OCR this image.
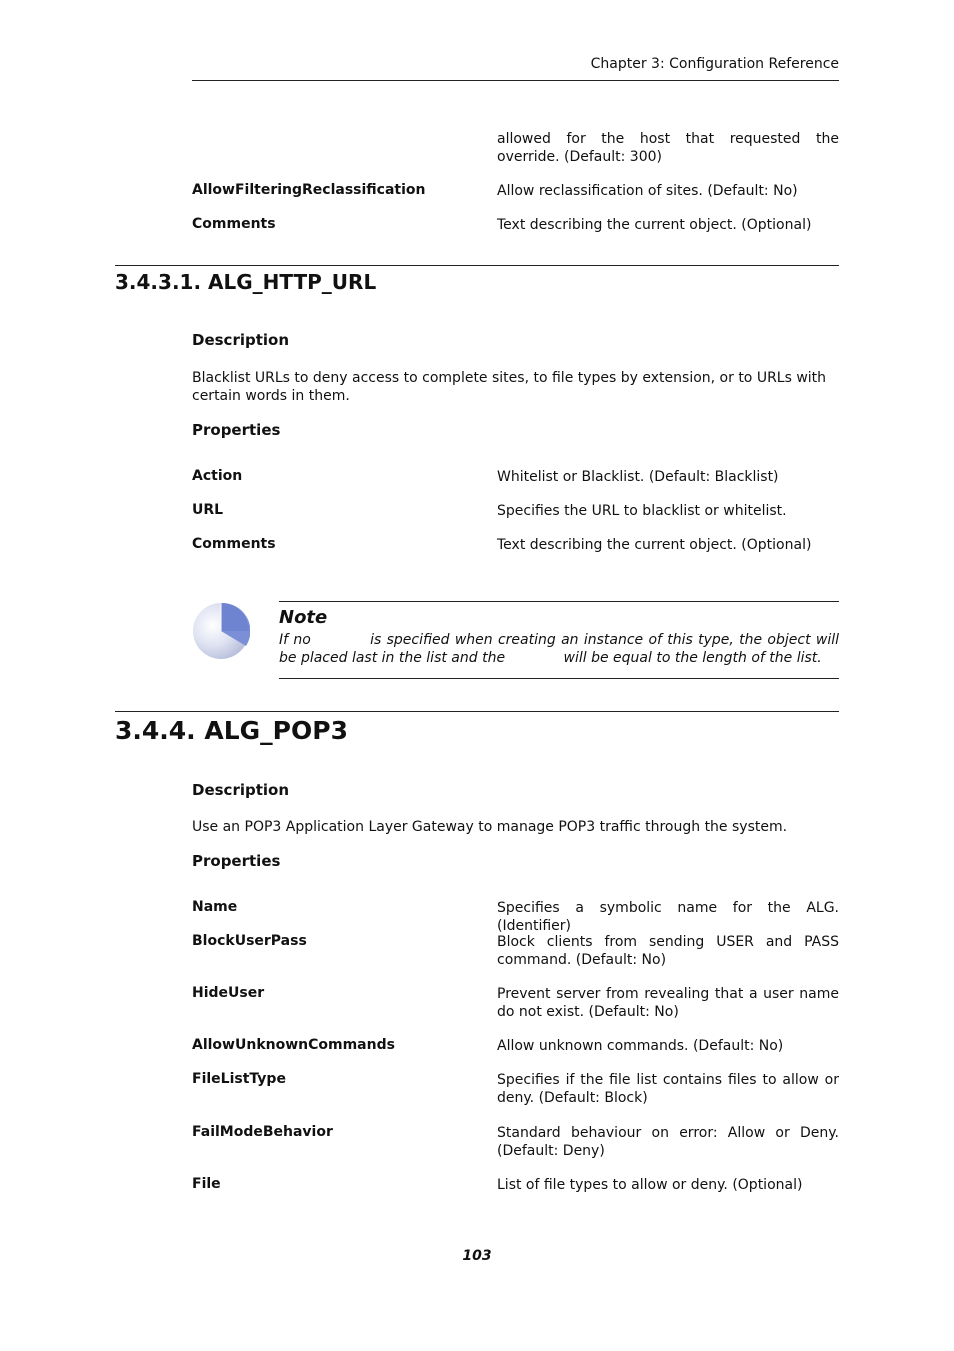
Chapter 3: Configuration Reference
allowed for the host that requested the override. (Default: 300)
AllowFilteringReclassification	Allow reclassification of sites. (Default: No)
Comments	Text describing the current object. (Optional)
3.4.3.1. ALG_HTTP_URL
Description
Blacklist URLs to deny access to complete sites, to file types by extension, or to URLs with certain words in them.
Properties
Action	Whitelist or Blacklist. (Default: Blacklist)
URL	Specifies the URL to blacklist or whitelist.
Comments	Text describing the current object. (Optional)
Note
If no	is specified when creating an instance of this type, the object will be placed last in the list and the	will be equal to the length of the list.
3.4.4. ALG_POP3
Description
Use an POP3 Application Layer Gateway to manage POP3 traffic through the system.
Properties
Name	Specifies a symbolic name for the ALG. (Identifier)
BlockUserPass	Block clients from sending USER and PASS command. (Default: No)
HideUser	Prevent server from revealing that a user name do not exist. (Default: No)
AllowUnknownCommands	Allow unknown commands. (Default: No)
FileListType	Specifies if the file list contains files to allow or deny. (Default: Block)
FailModeBehavior	Standard behaviour on error: Allow or Deny. (Default: Deny)
File	List of file types to allow or deny. (Optional)
103
